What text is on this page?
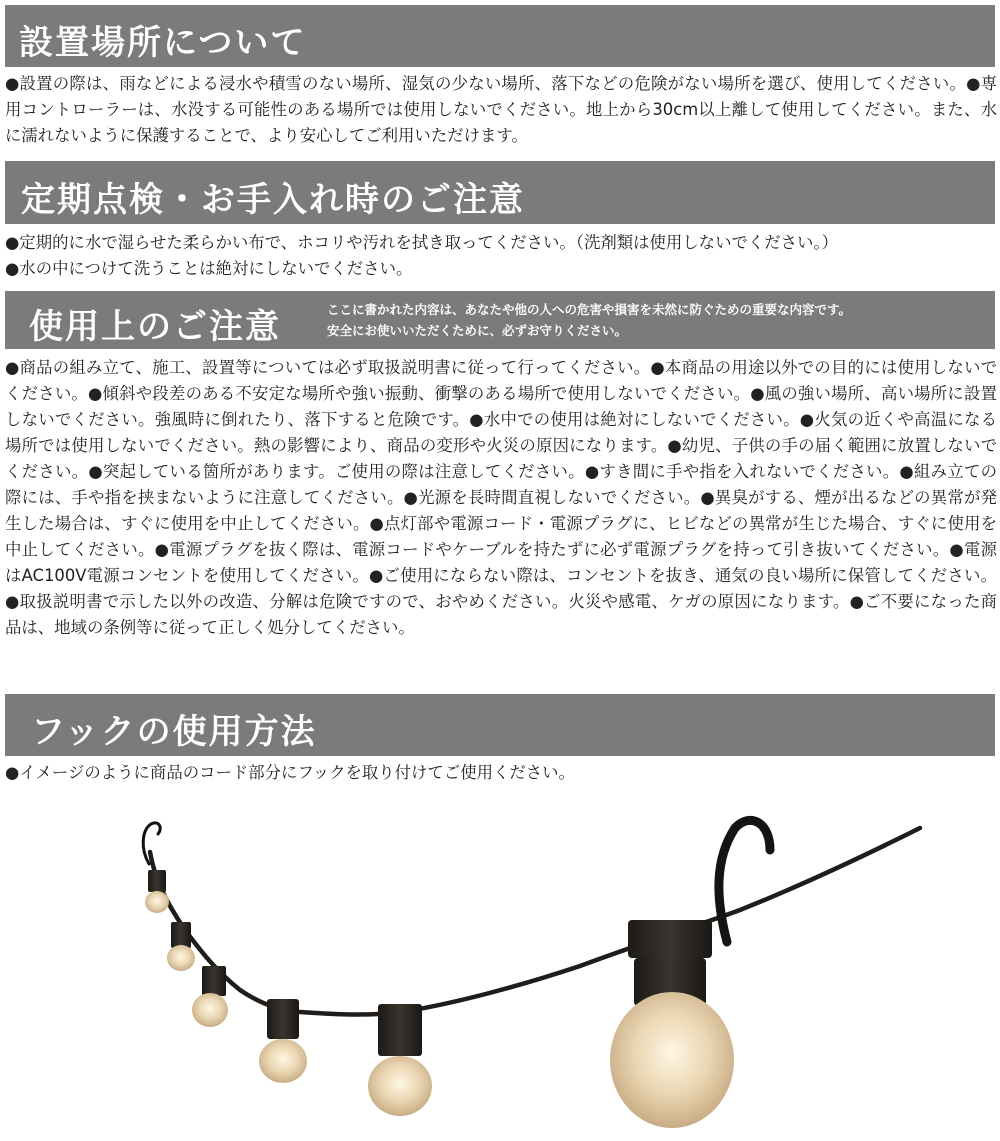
設置場所について
●設置の際は、雨などによる浸水や積雪のない場所、湿気の少ない場所、落下などの危険がない場所を選び、使用してください。●専用コントローラーは、水没する可能性のある場所では使用しないでください。地上から30cm以上離して使用してください。また、水に濡れないように保護することで、より安心してご利用いただけます。
定期点検・お手入れ時のご注意
●定期的に水で湿らせた柔らかい布で、ホコリや汚れを拭き取ってください。（洗剤類は使用しないでください。）
●水の中につけて洗うことは絶対にしないでください。
使用上のご注意	ここに書かれた内容は、あなたや他の人への危害や損害を未然に防ぐための重要な内容です。
安全にお使いいただくために、必ずお守りください。
●商品の組み立て、施工、設置等については必ず取扱説明書に従って行ってください。●本商品の用途以外での目的には使用しないでください。●傾斜や段差のある不安定な場所や強い振動、衝撃のある場所で使用しないでください。●風の強い場所、高い場所に設置しないでください。強風時に倒れたり、落下すると危険です。●水中での使用は絶対にしないでください。●火気の近くや高温になる場所では使用しないでください。熱の影響により、商品の変形や火災の原因になります。●幼児、子供の手の届く範囲に放置しないでください。●突起している箇所があります。ご使用の際は注意してください。●すき間に手や指を入れないでください。●組み立ての際には、手や指を挟まないように注意してください。●光源を長時間直視しないでください。●異臭がする、煙が出るなどの異常が発生した場合は、すぐに使用を中止してください。●点灯部や電源コード・電源プラグに、ヒビなどの異常が生じた場合、すぐに使用を中止してください。●電源プラグを抜く際は、電源コードやケーブルを持たずに必ず電源プラグを持って引き抜いてください。●電源はAC100V電源コンセントを使用してください。●ご使用にならない際は、コンセントを抜き、通気の良い場所に保管してください。●取扱説明書で示した以外の改造、分解は危険ですので、おやめください。火災や感電、ケガの原因になります。●ご不要になった商品は、地域の条例等に従って正しく処分してください。
フックの使用方法
●イメージのように商品のコード部分にフックを取り付けてご使用ください。
